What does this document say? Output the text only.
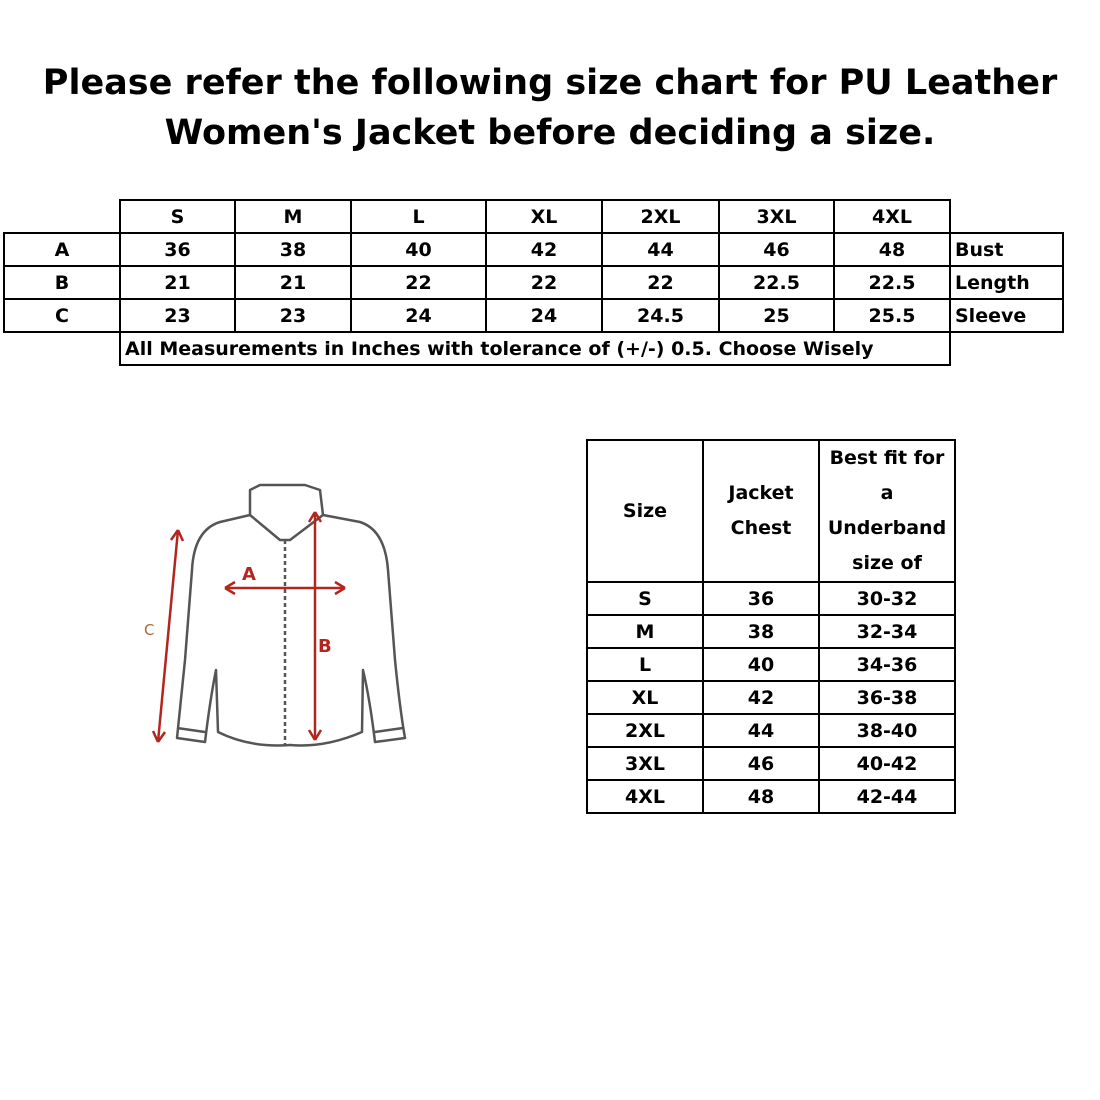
Please refer the following size chart for PU Leather
Women's Jacket before deciding a size.
	S	M	L	XL	2XL	3XL	4XL	
A	36	38	40	42	44	46	48	Bust
B	21	21	22	22	22	22.5	22.5	Length
C	23	23	24	24	24.5	25	25.5	Sleeve
	All Measurements in Inches with tolerance of (+/-) 0.5. Choose Wisely							
A
B
C
Size	Jacket Chest	Best fit for a Underband size of
S	36	30-32
M	38	32-34
L	40	34-36
XL	42	36-38
2XL	44	38-40
3XL	46	40-42
4XL	48	42-44
